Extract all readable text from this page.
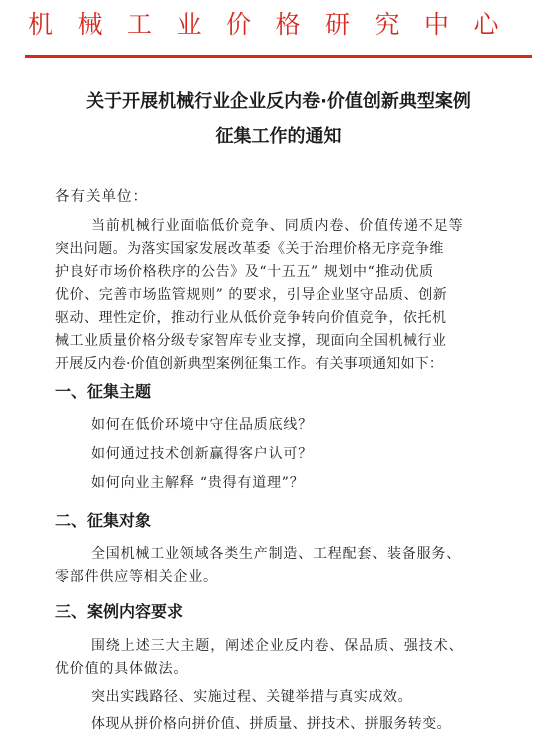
机械工业价格研究中心
关于开展机械行业企业反内卷·价值创新典型案例
征集工作的通知
各有关单位：
当前机械行业面临低价竞争、同质内卷、价值传递不足等
突出问题。为落实国家发展改革委《关于治理价格无序竞争维
护良好市场价格秩序的公告》及“十五五” 规划中“推动优质
优价、完善市场监管规则” 的要求，引导企业坚守品质、创新
驱动、理性定价，推动行业从低价竞争转向价值竞争，依托机
械工业质量价格分级专家智库专业支撑，现面向全国机械行业
开展反内卷·价值创新典型案例征集工作。有关事项通知如下：
一、征集主题
如何在低价环境中守住品质底线？
如何通过技术创新赢得客户认可？
如何向业主解释 “贵得有道理”？
二、征集对象
全国机械工业领域各类生产制造、工程配套、装备服务、
零部件供应等相关企业。
三、案例内容要求
围绕上述三大主题，阐述企业反内卷、保品质、强技术、
优价值的具体做法。
突出实践路径、实施过程、关键举措与真实成效。
体现从拼价格向拼价值、拼质量、拼技术、拼服务转变。
